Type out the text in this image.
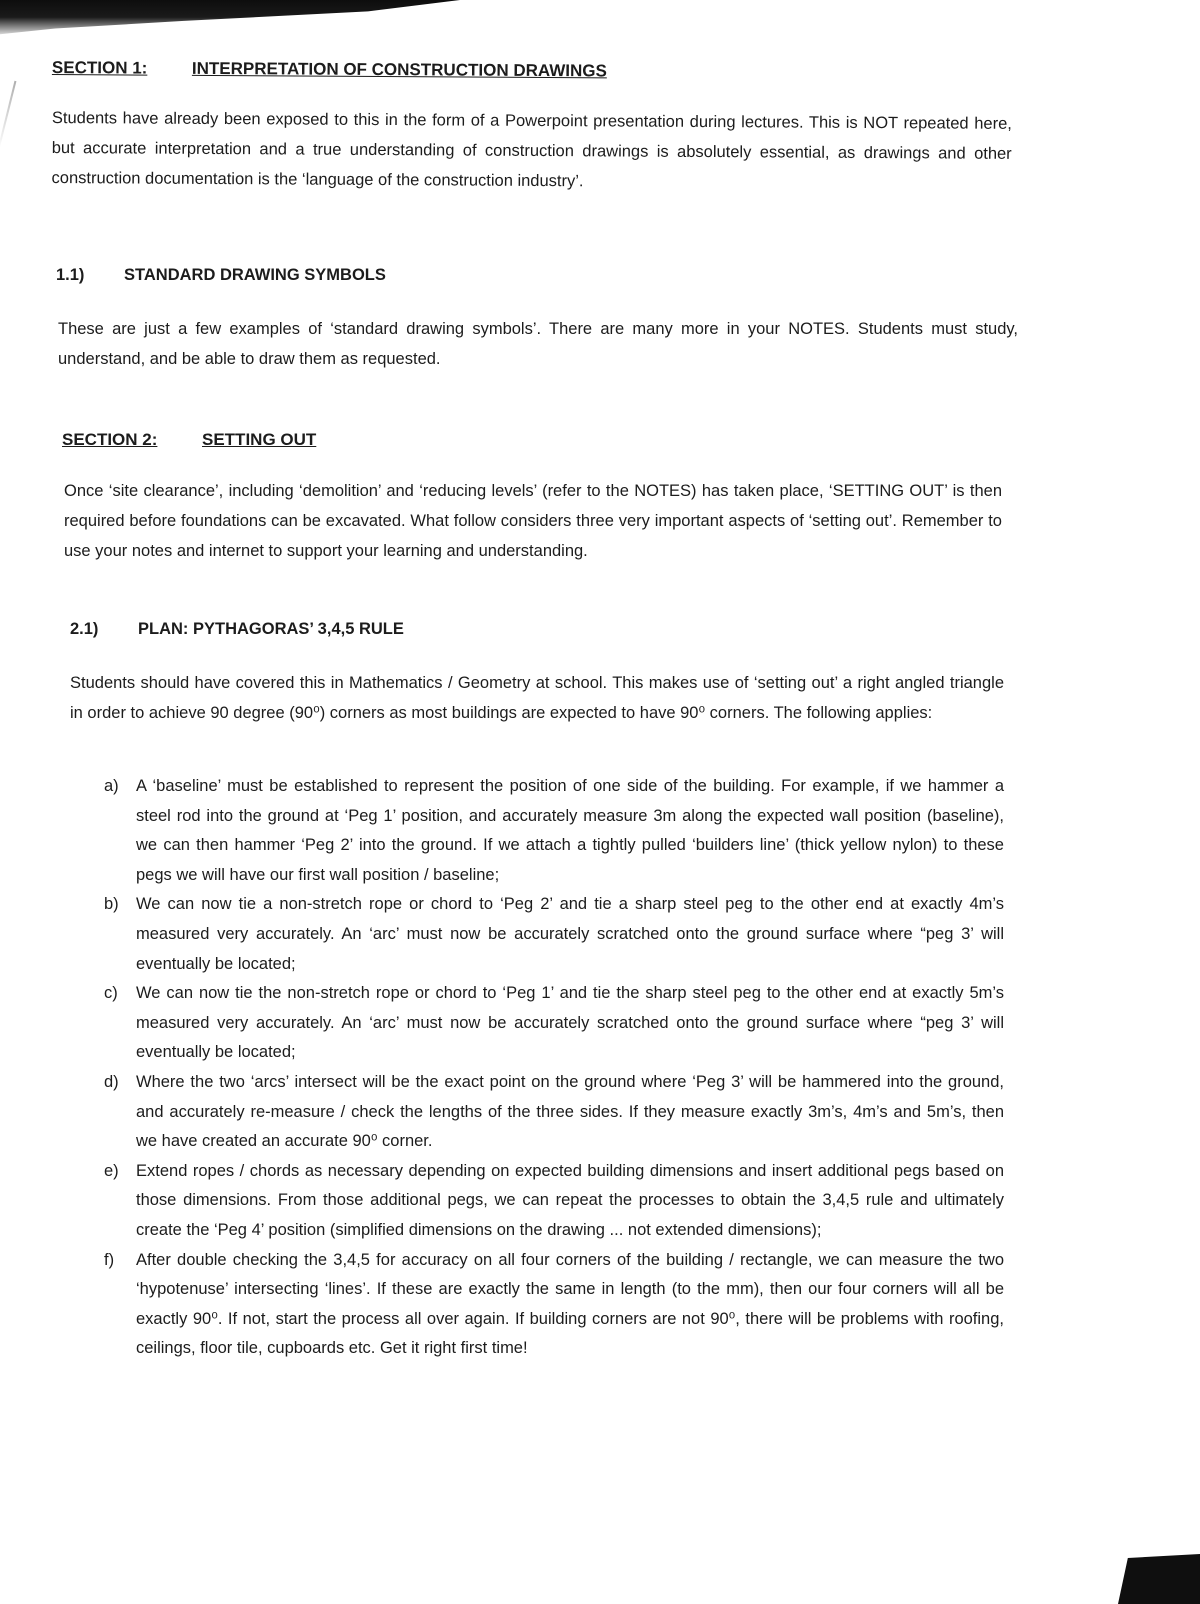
SECTION 1:	INTERPRETATION OF CONSTRUCTION DRAWINGS

Students have already been exposed to this in the form of a Powerpoint presentation during lectures. This is NOT repeated here, but accurate interpretation and a true understanding of construction drawings is absolutely essential, as drawings and other construction documentation is the ‘language of the construction industry’.

1.1) STANDARD DRAWING SYMBOLS

These are just a few examples of ‘standard drawing symbols’. There are many more in your NOTES. Students must study, understand, and be able to draw them as requested.

SECTION 2:	SETTING OUT

Once ‘site clearance’, including ‘demolition’ and ‘reducing levels’ (refer to the NOTES) has taken place, ‘SETTING OUT’ is then required before foundations can be excavated. What follow considers three very important aspects of ‘setting out’. Remember to use your notes and internet to support your learning and understanding.

2.1) PLAN: PYTHAGORAS’ 3,4,5 RULE

Students should have covered this in Mathematics / Geometry at school. This makes use of ‘setting out’ a right angled triangle in order to achieve 90 degree (90⁰) corners as most buildings are expected to have 90⁰ corners. The following applies:

a)	A ‘baseline’ must be established to represent the position of one side of the building. For example, if we hammer a steel rod into the ground at ‘Peg 1’ position, and accurately measure 3m along the expected wall position (baseline), we can then hammer ‘Peg 2’ into the ground. If we attach a tightly pulled ‘builders line’ (thick yellow nylon) to these pegs we will have our first wall position / baseline;
b)	We can now tie a non-stretch rope or chord to ‘Peg 2’ and tie a sharp steel peg to the other end at exactly 4m’s measured very accurately. An ‘arc’ must now be accurately scratched onto the ground surface where “peg 3’ will eventually be located;
c)	We can now tie the non-stretch rope or chord to ‘Peg 1’ and tie the sharp steel peg to the other end at exactly 5m’s measured very accurately. An ‘arc’ must now be accurately scratched onto the ground surface where “peg 3’ will eventually be located;
d)	Where the two ‘arcs’ intersect will be the exact point on the ground where ‘Peg 3’ will be hammered into the ground, and accurately re-measure / check the lengths of the three sides. If they measure exactly 3m’s, 4m’s and 5m’s, then we have created an accurate 90⁰ corner.
e)	Extend ropes / chords as necessary depending on expected building dimensions and insert additional pegs based on those dimensions. From those additional pegs, we can repeat the processes to obtain the 3,4,5 rule and ultimately create the ‘Peg 4’ position (simplified dimensions on the drawing ... not extended dimensions);
f)	After double checking the 3,4,5 for accuracy on all four corners of the building / rectangle, we can measure the two ‘hypotenuse’ intersecting ‘lines’. If these are exactly the same in length (to the mm), then our four corners will all be exactly 90⁰. If not, start the process all over again. If building corners are not 90⁰, there will be problems with roofing, ceilings, floor tile, cupboards etc. Get it right first time!
